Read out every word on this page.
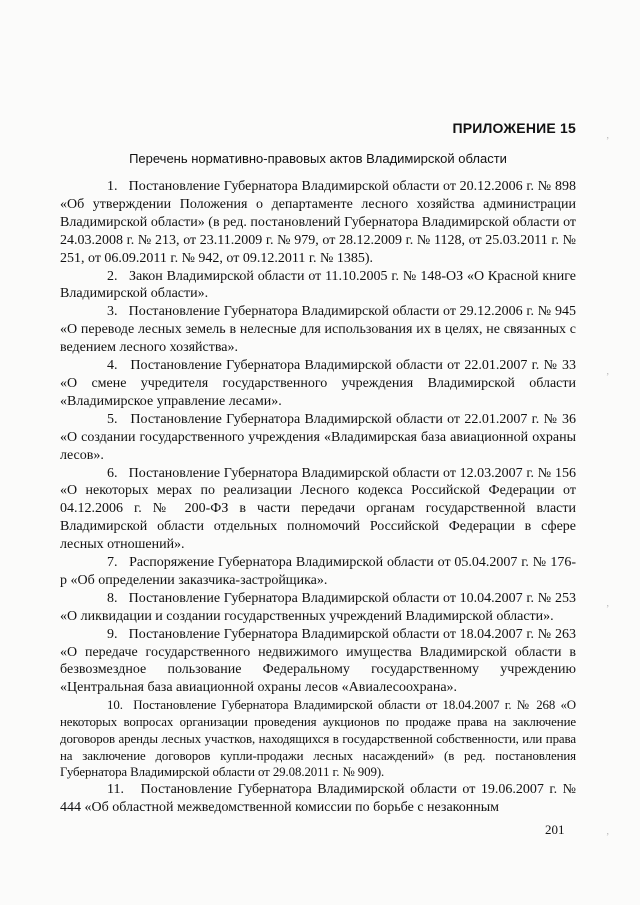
ПРИЛОЖЕНИЕ 15
Перечень нормативно-правовых актов Владимирской области

1. Постановление Губернатора Владимирской области от 20.12.2006 г. № 898 «Об утверждении Положения о департаменте лесного хозяйства администрации Владимирской области» (в ред. постановлений Губернатора Владимирской области от 24.03.2008 г. № 213, от 23.11.2009 г. № 979, от 28.12.2009 г. № 1128, от 25.03.2011 г. № 251, от 06.09.2011 г. № 942, от 09.12.2011 г. № 1385).

2. Закон Владимирской области от 11.10.2005 г. № 148-ОЗ «О Красной книге Владимирской области».

3. Постановление Губернатора Владимирской области от 29.12.2006 г. № 945 «О переводе лесных земель в нелесные для использования их в целях, не связанных с ведением лесного хозяйства».

4. Постановление Губернатора Владимирской области от 22.01.2007 г. № 33 «О смене учредителя государственного учреждения Владимирской области «Владимирское управление лесами».

5. Постановление Губернатора Владимирской области от 22.01.2007 г. № 36 «О создании государственного учреждения «Владимирская база авиационной охраны лесов».

6. Постановление Губернатора Владимирской области от 12.03.2007 г. № 156 «О некоторых мерах по реализации Лесного кодекса Российской Федерации от 04.12.2006 г. № 200-ФЗ в части передачи органам государственной власти Владимирской области отдельных полномочий Российской Федерации в сфере лесных отношений».

7. Распоряжение Губернатора Владимирской области от 05.04.2007 г. № 176-р «Об определении заказчика-застройщика».

8. Постановление Губернатора Владимирской области от 10.04.2007 г. № 253 «О ликвидации и создании государственных учреждений Владимирской области».

9. Постановление Губернатора Владимирской области от 18.04.2007 г. № 263 «О передаче государственного недвижимого имущества Владимирской области в безвозмездное пользование Федеральному государственному учреждению «Центральная база авиационной охраны лесов «Авиалесоохрана».

10. Постановление Губернатора Владимирской области от 18.04.2007 г. № 268 «О некоторых вопросах организации проведения аукционов по продаже права на заключение договоров аренды лесных участков, находящихся в государственной собственности, или права на заключение договоров купли-продажи лесных насаждений» (в ред. постановления Губернатора Владимирской области от 29.08.2011 г. № 909).

11. Постановление Губернатора Владимирской области от 19.06.2007 г. № 444 «Об областной межведомственной комиссии по борьбе с незаконным

201
‚
ʼ
ʼ
ʼ
